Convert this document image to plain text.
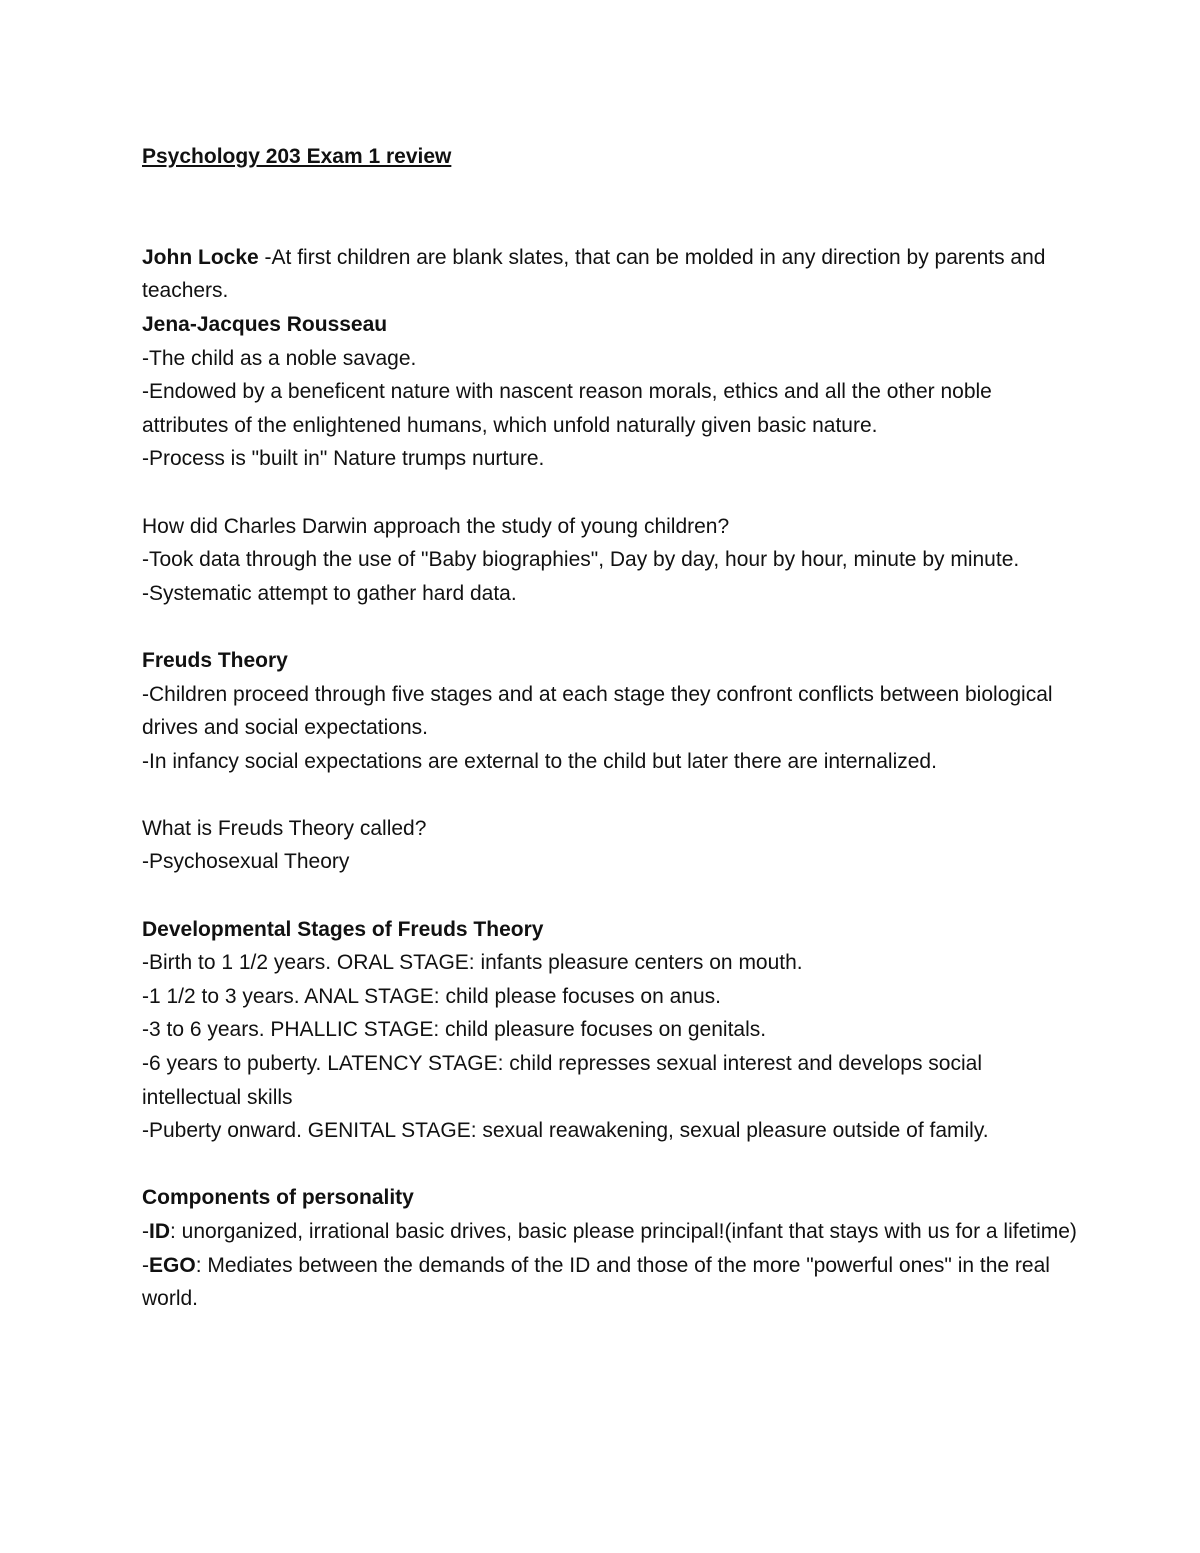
Psychology 203 Exam 1 review

John Locke -At first children are blank slates, that can be molded in any direction by parents and teachers.

Jena-Jacques Rousseau

-The child as a noble savage.

-Endowed by a beneficent nature with nascent reason morals, ethics and all the other noble attributes of the enlightened humans, which unfold naturally given basic nature.

-Process is "built in" Nature trumps nurture.

How did Charles Darwin approach the study of young children?

-Took data through the use of "Baby biographies", Day by day, hour by hour, minute by minute.

-Systematic attempt to gather hard data.

Freuds Theory

-Children proceed through five stages and at each stage they confront conflicts between biological drives and social expectations.

-In infancy social expectations are external to the child but later there are internalized.

What is Freuds Theory called?

-Psychosexual Theory

Developmental Stages of Freuds Theory

-Birth to 1 1/2 years. ORAL STAGE: infants pleasure centers on mouth.

-1 1/2 to 3 years. ANAL STAGE: child please focuses on anus.

-3 to 6 years. PHALLIC STAGE: child pleasure focuses on genitals.

-6 years to puberty. LATENCY STAGE: child represses sexual interest and develops social intellectual skills

-Puberty onward. GENITAL STAGE: sexual reawakening, sexual pleasure outside of family.

Components of personality

-ID: unorganized, irrational basic drives, basic please principal!(infant that stays with us for a lifetime)

-EGO: Mediates between the demands of the ID and those of the more "powerful ones" in the real world.
